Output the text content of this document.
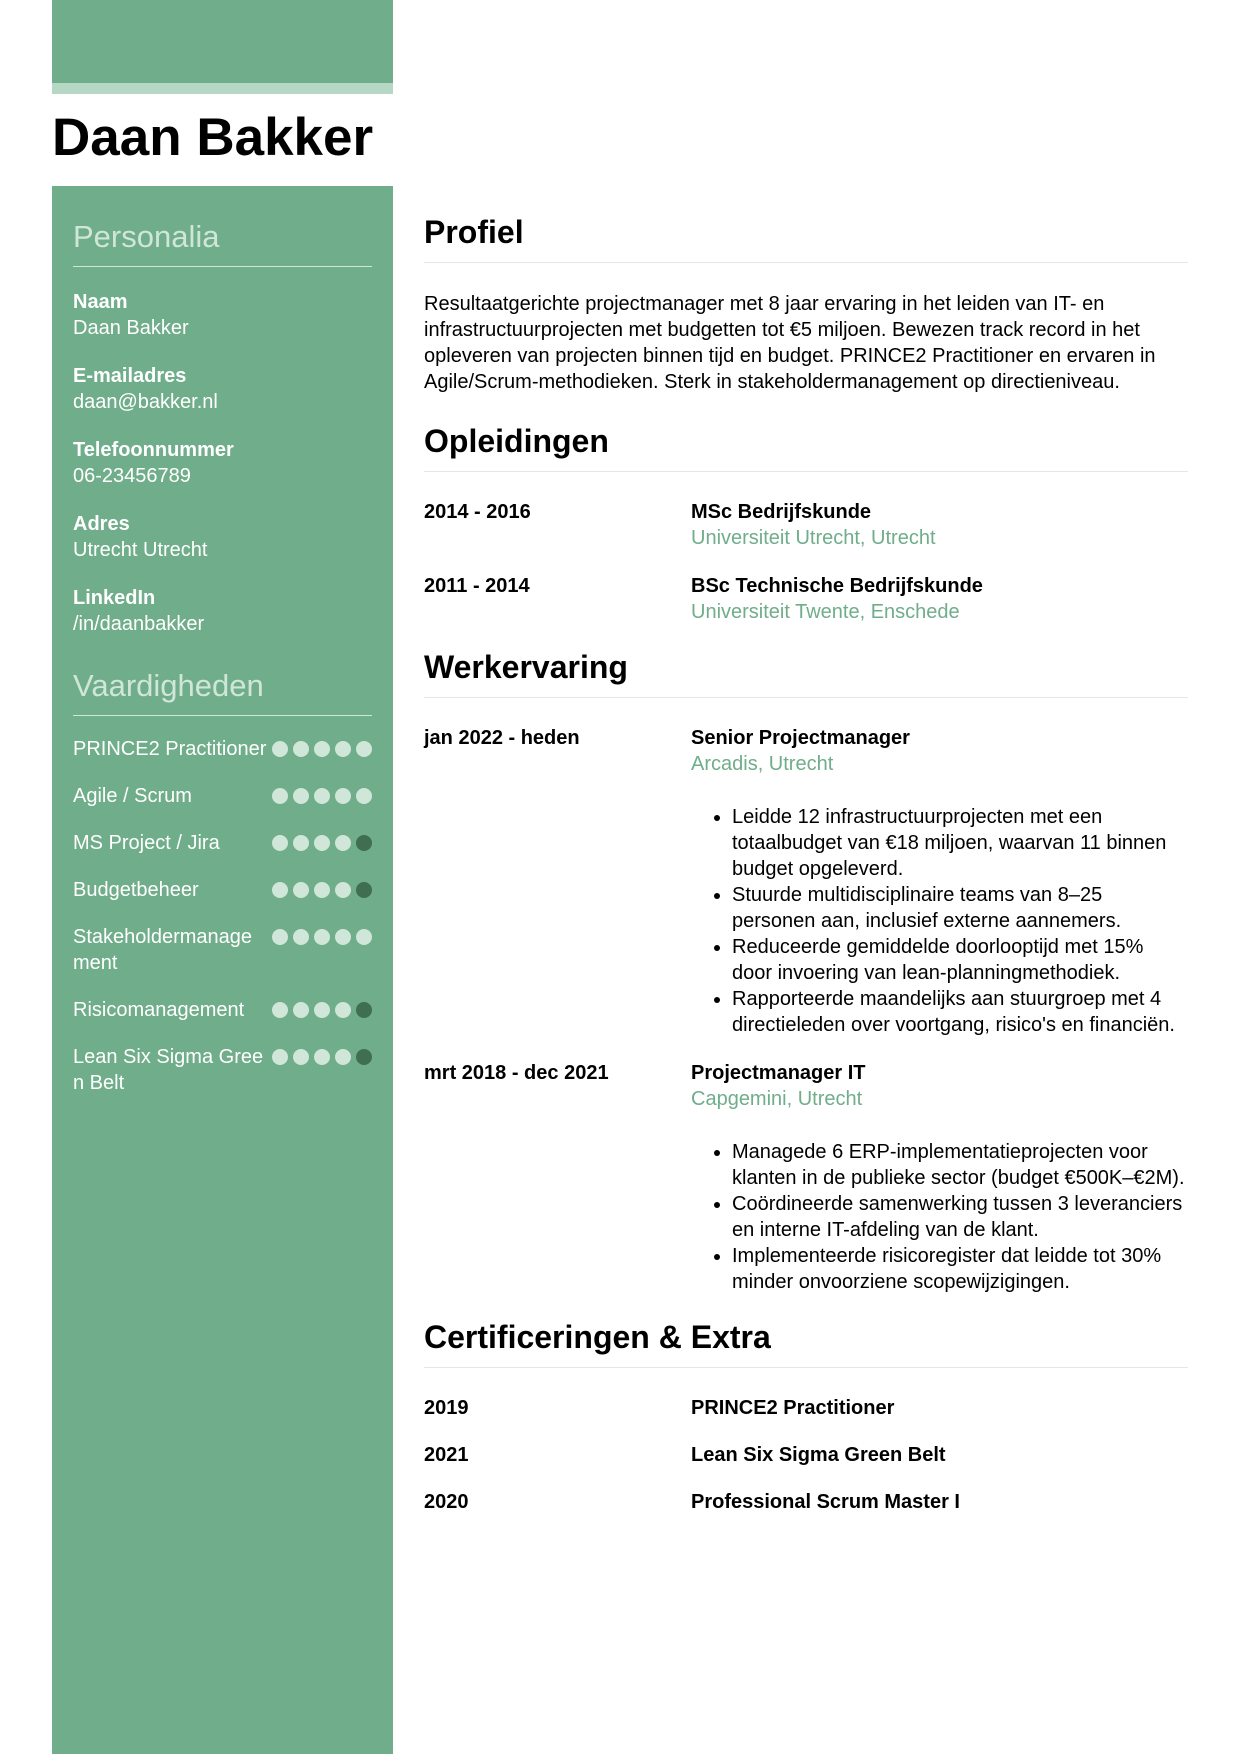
Daan Bakker
Personalia
Naam
Daan Bakker
E-mailadres
daan@bakker.nl
Telefoonnummer
06-23456789
Adres
Utrecht Utrecht
LinkedIn
/in/daanbakker
Vaardigheden
PRINCE2 Practitioner
Agile / Scrum
MS Project / Jira
Budgetbeheer
Stakeholdermanagement
Risicomanagement
Lean Six Sigma Green Belt
Profiel
Resultaatgerichte projectmanager met 8 jaar ervaring in het leiden van IT- en infrastructuurprojecten met budgetten tot €5 miljoen. Bewezen track record in het opleveren van projecten binnen tijd en budget. PRINCE2 Practitioner en ervaren in Agile/Scrum-methodieken. Sterk in stakeholdermanagement op directieniveau.
Opleidingen
2014 - 2016	MSc Bedrijfskunde
Universiteit Utrecht, Utrecht
2011 - 2014	BSc Technische Bedrijfskunde
Universiteit Twente, Enschede
Werkervaring
jan 2022 - heden	Senior Projectmanager
Arcadis, Utrecht
• Leidde 12 infrastructuurprojecten met een totaalbudget van €18 miljoen, waarvan 11 binnen budget opgeleverd.
• Stuurde multidisciplinaire teams van 8–25 personen aan, inclusief externe aannemers.
• Reduceerde gemiddelde doorlooptijd met 15% door invoering van lean-planningmethodiek.
• Rapporteerde maandelijks aan stuurgroep met 4 directieleden over voortgang, risico's en financiën.
mrt 2018 - dec 2021	Projectmanager IT
Capgemini, Utrecht
• Managede 6 ERP-implementatieprojecten voor klanten in de publieke sector (budget €500K–€2M).
• Coördineerde samenwerking tussen 3 leveranciers en interne IT-afdeling van de klant.
• Implementeerde risicoregister dat leidde tot 30% minder onvoorziene scopewijzigingen.
Certificeringen & Extra
2019	PRINCE2 Practitioner
2021	Lean Six Sigma Green Belt
2020	Professional Scrum Master I
